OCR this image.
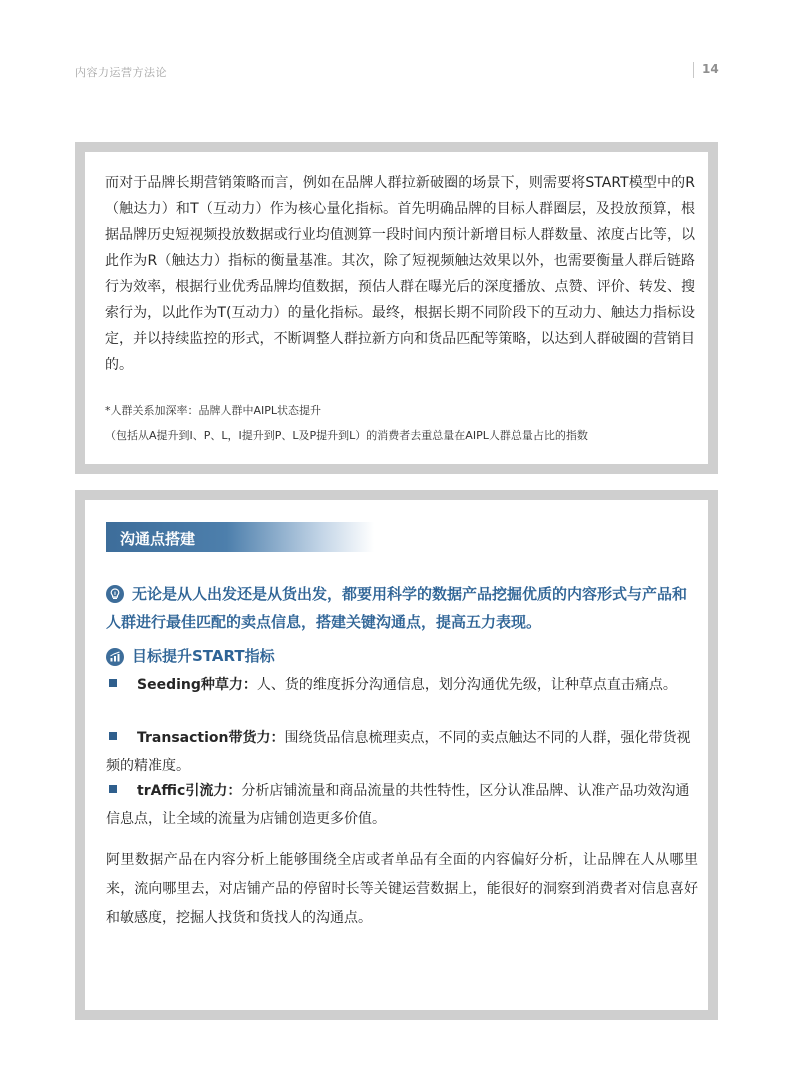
内容力运营方法论	14

而对于品牌长期营销策略而言，例如在品牌人群拉新破圈的场景下，则需要将START模型中的R（触达力）和T（互动力）作为核心量化指标。首先明确品牌的目标人群圈层，及投放预算，根据品牌历史短视频投放数据或行业均值测算一段时间内预计新增目标人群数量、浓度占比等，以此作为R（触达力）指标的衡量基准。其次，除了短视频触达效果以外，也需要衡量人群后链路行为效率，根据行业优秀品牌均值数据，预估人群在曝光后的深度播放、点赞、评价、转发、搜索行为，以此作为T(互动力）的量化指标。最终，根据长期不同阶段下的互动力、触达力指标设定，并以持续监控的形式，不断调整人群拉新方向和货品匹配等策略，以达到人群破圈的营销目的。

*人群关系加深率：品牌人群中AIPL状态提升

（包括从A提升到I、P、L，I提升到P、L及P提升到L）的消费者去重总量在AIPL人群总量占比的指数

沟通点搭建

无论是从人出发还是从货出发，都要用科学的数据产品挖掘优质的内容形式与产品和人群进行最佳匹配的卖点信息，搭建关键沟通点，提高五力表现。

目标提升START指标

Seeding种草力：人、货的维度拆分沟通信息，划分沟通优先级，让种草点直击痛点。

Transaction带货力：围绕货品信息梳理卖点，不同的卖点触达不同的人群，强化带货视频的精准度。

trAffic引流力：分析店铺流量和商品流量的共性特性，区分认准品牌、认准产品功效沟通信息点，让全域的流量为店铺创造更多价值。

阿里数据产品在内容分析上能够围绕全店或者单品有全面的内容偏好分析，让品牌在人从哪里来，流向哪里去，对店铺产品的停留时长等关键运营数据上，能很好的洞察到消费者对信息喜好和敏感度，挖掘人找货和货找人的沟通点。
